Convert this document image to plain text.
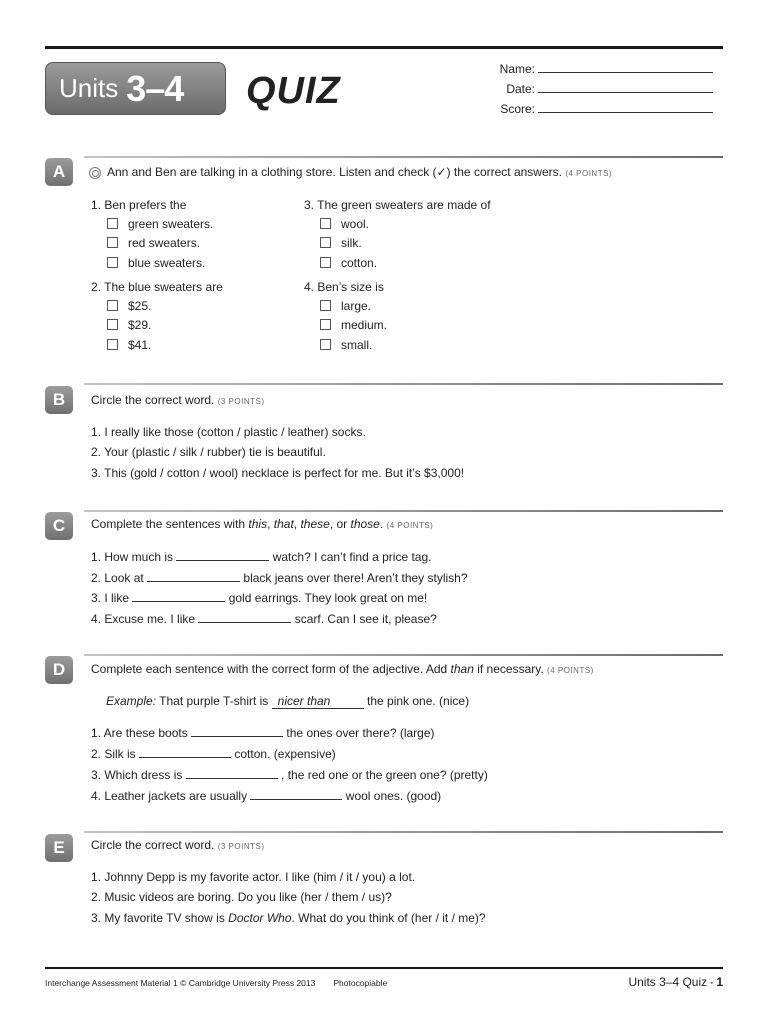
Units 3–4 QUIZ
Name:
Date:
Score:
A	Ann and Ben are talking in a clothing store. Listen and check (✓) the correct answers. (4 POINTS)
1. Ben prefers the
green sweaters.
red sweaters.
blue sweaters.
2. The blue sweaters are
$25.
$29.
$41.
3. The green sweaters are made of
wool.
silk.
cotton.
4. Ben’s size is
large.
medium.
small.
B	Circle the correct word. (3 POINTS)
1. I really like those (cotton / plastic / leather) socks.
2. Your (plastic / silk / rubber) tie is beautiful.
3. This (gold / cotton / wool) necklace is perfect for me. But it’s $3,000!
C	Complete the sentences with this, that, these, or those. (4 POINTS)
1. How much is	watch? I can’t find a price tag.
2. Look at	black jeans over there! Aren’t they stylish?
3. I like	gold earrings. They look great on me!
4. Excuse me. I like	scarf. Can I see it, please?
D	Complete each sentence with the correct form of the adjective. Add than if necessary. (4 POINTS)
Example: That purple T-shirt is nicer than	the pink one. (nice)
1. Are these boots	the ones over there? (large)
2. Silk is	cotton. (expensive)
3. Which dress is	, the red one or the green one? (pretty)
4. Leather jackets are usually	wool ones. (good)
E	Circle the correct word. (3 POINTS)
1. Johnny Depp is my favorite actor. I like (him / it / you) a lot.
2. Music videos are boring. Do you like (her / them / us)?
3. My favorite TV show is Doctor Who. What do you think of (her / it / me)?
Interchange Assessment Material 1 © Cambridge University Press 2013 Photocopiable	Units 3–4 Quiz ▪ 1
